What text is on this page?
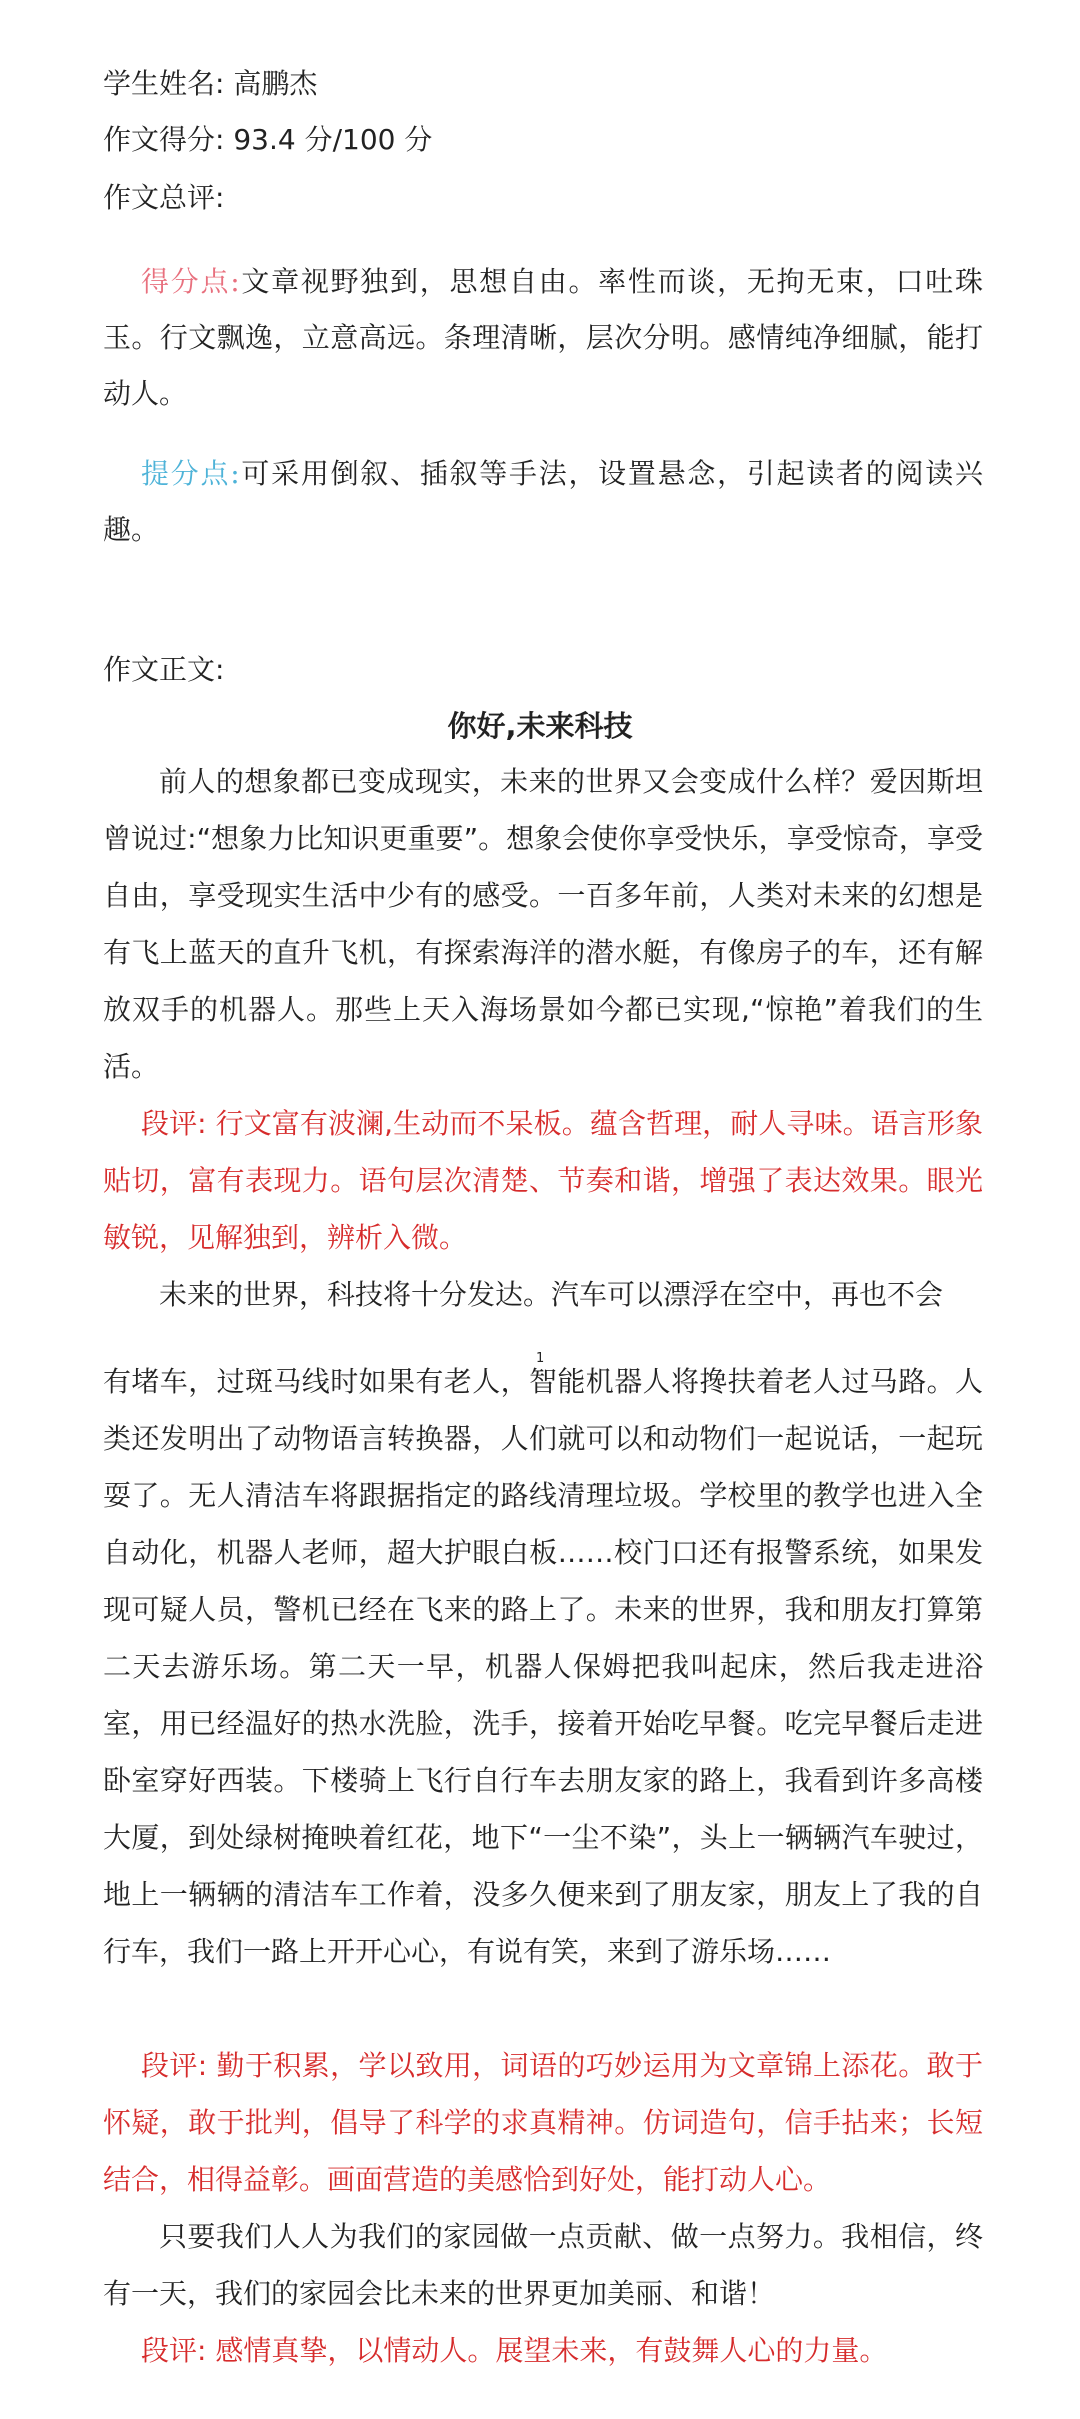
学生姓名: 高鹏杰
作文得分: 93.4 分/100 分
作文总评:

得分点:文章视野独到，思想自由。率性而谈，无拘无束，口吐珠玉。行文飘逸，立意高远。条理清晰，层次分明。感情纯净细腻，能打动人。

提分点:可采用倒叙、插叙等手法，设置悬念，引起读者的阅读兴趣。

作文正文:
你好,未来科技

前人的想象都已变成现实，未来的世界又会变成什么样？爱因斯坦曾说过:“想象力比知识更重要”。想象会使你享受快乐，享受惊奇，享受自由，享受现实生活中少有的感受。一百多年前，人类对未来的幻想是有飞上蓝天的直升飞机，有探索海洋的潜水艇，有像房子的车，还有解放双手的机器人。那些上天入海场景如今都已实现,“惊艳”着我们的生活。

段评: 行文富有波澜,生动而不呆板。蕴含哲理，耐人寻味。语言形象贴切，富有表现力。语句层次清楚、节奏和谐，增强了表达效果。眼光敏锐，见解独到，辨析入微。

未来的世界，科技将十分发达。汽车可以漂浮在空中，再也不会

1

有堵车，过斑马线时如果有老人，智能机器人将搀扶着老人过马路。人类还发明出了动物语言转换器，人们就可以和动物们一起说话，一起玩耍了。无人清洁车将跟据指定的路线清理垃圾。学校里的教学也进入全自动化，机器人老师，超大护眼白板……校门口还有报警系统，如果发现可疑人员，警机已经在飞来的路上了。未来的世界，我和朋友打算第二天去游乐场。第二天一早，机器人保姆把我叫起床，然后我走进浴室，用已经温好的热水洗脸，洗手，接着开始吃早餐。吃完早餐后走进卧室穿好西装。下楼骑上飞行自行车去朋友家的路上，我看到许多高楼大厦，到处绿树掩映着红花，地下“一尘不染”，头上一辆辆汽车驶过，地上一辆辆的清洁车工作着，没多久便来到了朋友家，朋友上了我的自行车，我们一路上开开心心，有说有笑，来到了游乐场……

段评: 勤于积累，学以致用，词语的巧妙运用为文章锦上添花。敢于怀疑，敢于批判，倡导了科学的求真精神。仿词造句，信手拈来；长短结合，相得益彰。画面营造的美感恰到好处，能打动人心。

只要我们人人为我们的家园做一点贡献、做一点努力。我相信，终有一天，我们的家园会比未来的世界更加美丽、和谐！

段评: 感情真挚，以情动人。展望未来，有鼓舞人心的力量。
